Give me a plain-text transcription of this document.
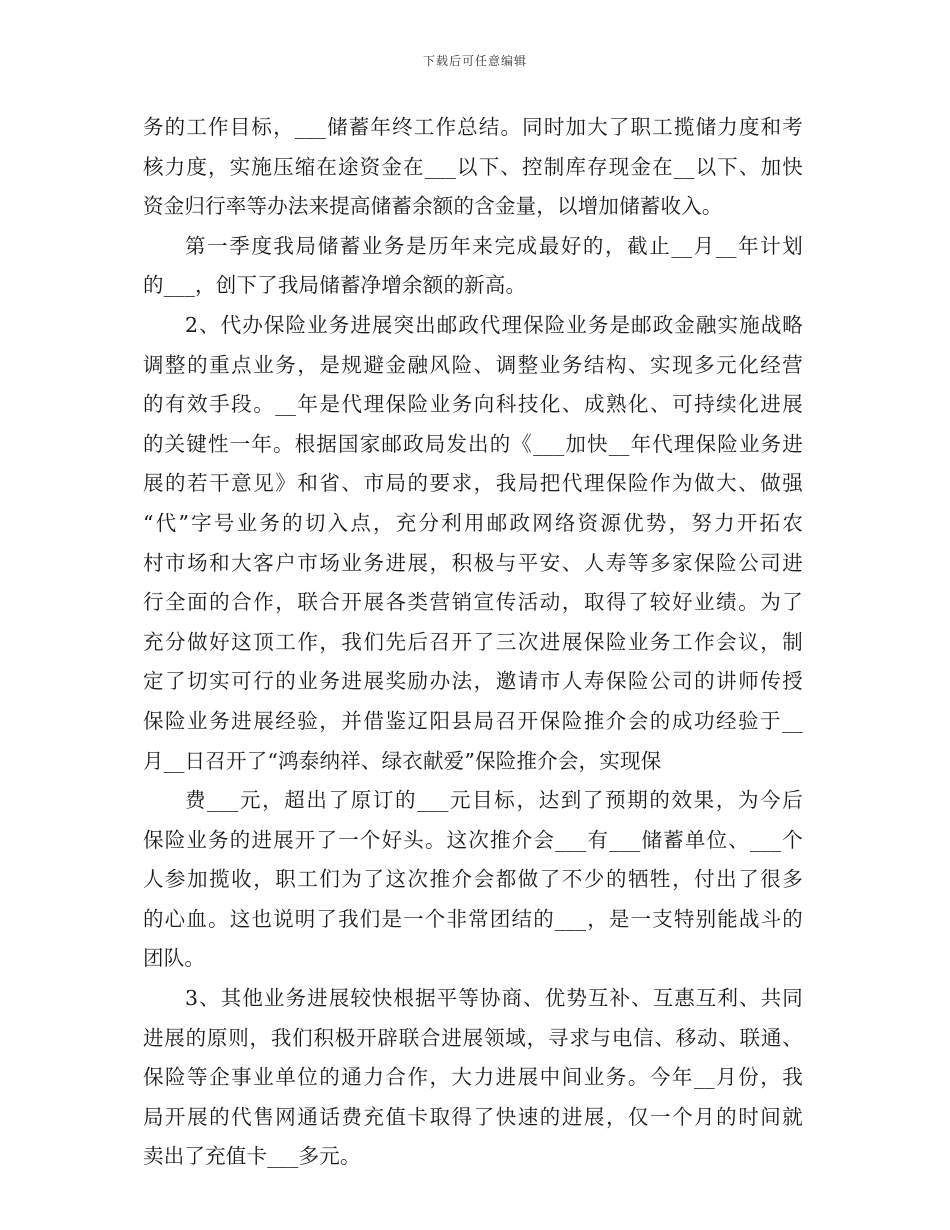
下载后可任意编辑
务的工作目标，___储蓄年终工作总结。同时加大了职工揽储力度和考
核力度，实施压缩在途资金在___以下、控制库存现金在__以下、加快
资金归行率等办法来提高储蓄余额的含金量，以增加储蓄收入。
第一季度我局储蓄业务是历年来完成最好的，截止__月__年计划
的___，创下了我局储蓄净增余额的新高。
2、代办保险业务进展突出邮政代理保险业务是邮政金融实施战略
调整的重点业务，是规避金融风险、调整业务结构、实现多元化经营
的有效手段。__年是代理保险业务向科技化、成熟化、可持续化进展
的关键性一年。根据国家邮政局发出的《___加快__年代理保险业务进
展的若干意见》和省、市局的要求，我局把代理保险作为做大、做强
“代”字号业务的切入点，充分利用邮政网络资源优势，努力开拓农
村市场和大客户市场业务进展，积极与平安、人寿等多家保险公司进
行全面的合作，联合开展各类营销宣传活动，取得了较好业绩。为了
充分做好这顶工作，我们先后召开了三次进展保险业务工作会议，制
定了切实可行的业务进展奖励办法，邀请市人寿保险公司的讲师传授
保险业务进展经验，并借鉴辽阳县局召开保险推介会的成功经验于__
月__日召开了“鸿泰纳祥、绿衣献爱”保险推介会，实现保
费___元，超出了原订的___元目标，达到了预期的效果，为今后
保险业务的进展开了一个好头。这次推介会___有___储蓄单位、___个
人参加揽收，职工们为了这次推介会都做了不少的牺牲，付出了很多
的心血。这也说明了我们是一个非常团结的___，是一支特别能战斗的
团队。
3、其他业务进展较快根据平等协商、优势互补、互惠互利、共同
进展的原则，我们积极开辟联合进展领域，寻求与电信、移动、联通、
保险等企事业单位的通力合作，大力进展中间业务。今年__月份，我
局开展的代售网通话费充值卡取得了快速的进展，仅一个月的时间就
卖出了充值卡___多元。
